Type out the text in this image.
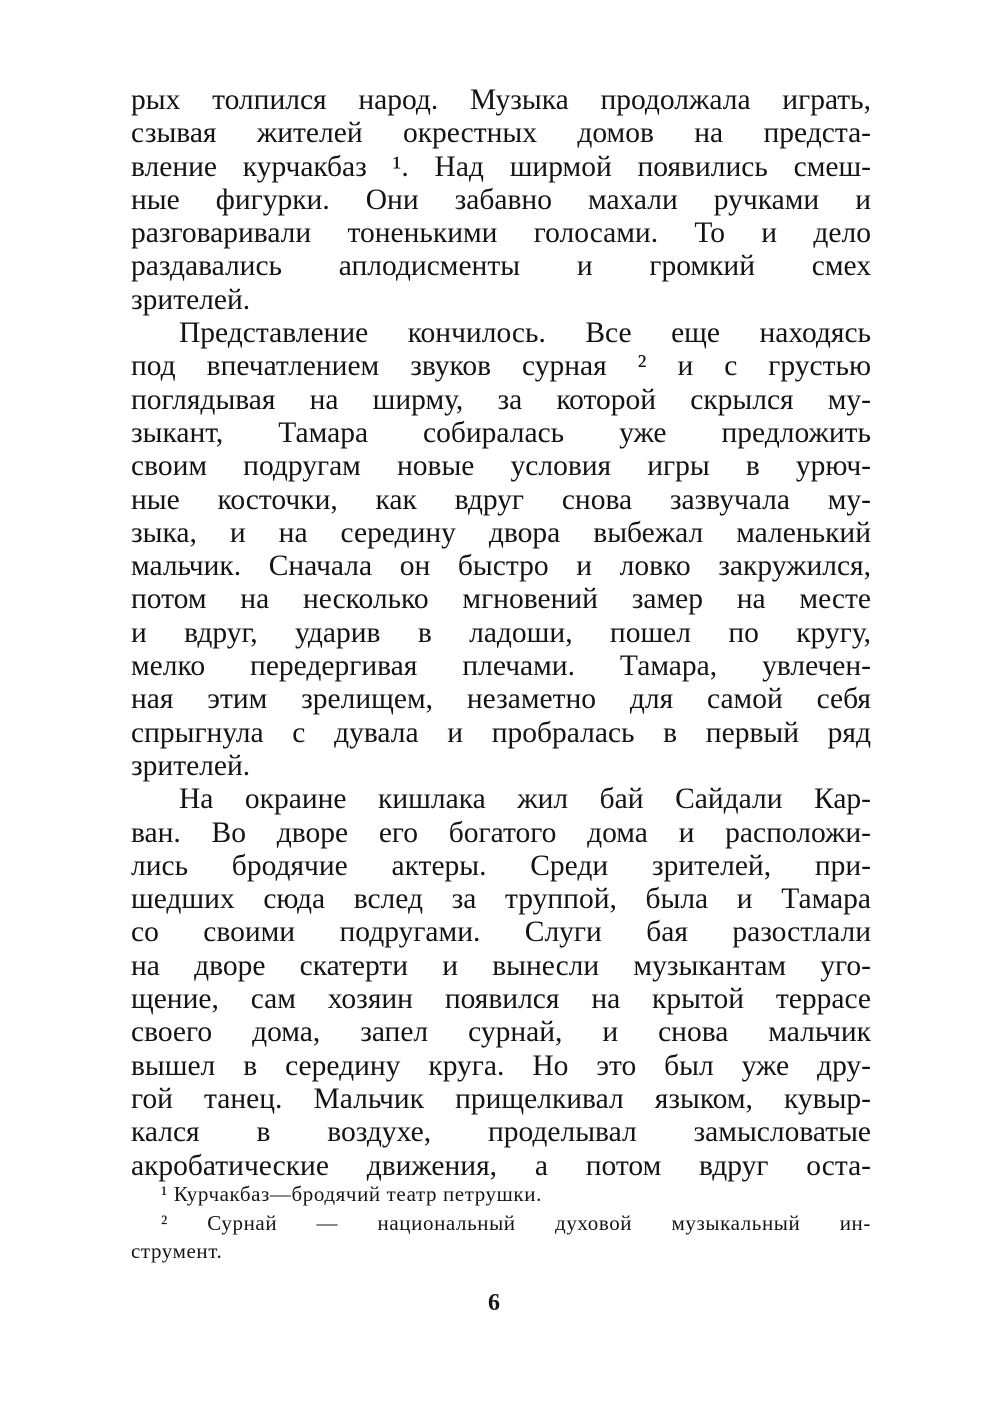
рых толпился народ. Музыка продолжала играть,
сзывая жителей окрестных домов на предста-
вление курчакбаз ¹. Над ширмой появились смеш-
ные фигурки. Они забавно махали ручками и
разговаривали тоненькими голосами. То и дело
раздавались аплодисменты и громкий смех
зрителей.
Представление кончилось. Все еще находясь
под впечатлением звуков сурная ² и с грустью
поглядывая на ширму, за которой скрылся му-
зыкант, Тамара собиралась уже предложить
своим подругам новые условия игры в урюч-
ные косточки, как вдруг снова зазвучала му-
зыка, и на середину двора выбежал маленький
мальчик. Сначала он быстро и ловко закружился,
потом на несколько мгновений замер на месте
и вдруг, ударив в ладоши, пошел по кругу,
мелко передергивая плечами. Тамара, увлечен-
ная этим зрелищем, незаметно для самой себя
спрыгнула с дувала и пробралась в первый ряд
зрителей.
На окраине кишлака жил бай Сайдали Кар-
ван. Во дворе его богатого дома и расположи-
лись бродячие актеры. Среди зрителей, при-
шедших сюда вслед за труппой, была и Тамара
со своими подругами. Слуги бая разостлали
на дворе скатерти и вынесли музыкантам уго-
щение, сам хозяин появился на крытой террасе
своего дома, запел сурнай, и снова мальчик
вышел в середину круга. Но это был уже дру-
гой танец. Мальчик прищелкивал языком, кувыр-
кался в воздухе, проделывал замысловатые
акробатические движения, а потом вдруг оста-
¹ Курчакбаз—бродячий театр петрушки.
² Сурнай — национальный духовой музыкальный ин-
струмент.
6
